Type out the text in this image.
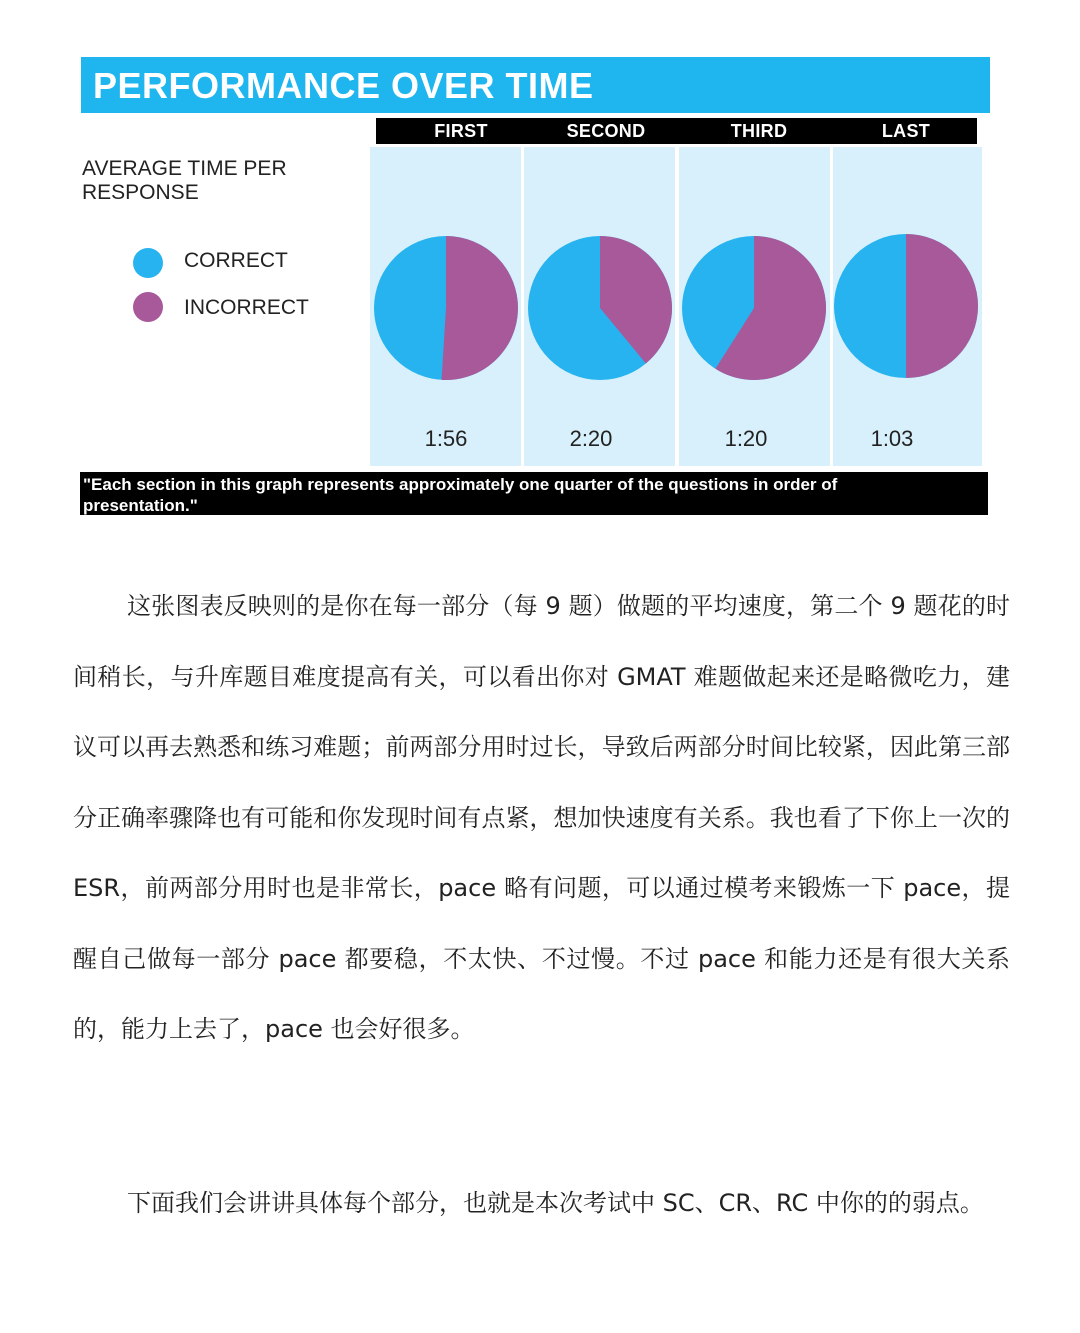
PERFORMANCE OVER TIME
FIRST	SECOND	THIRD	LAST
AVERAGE TIME PER RESPONSE
CORRECT
INCORRECT
1:56	2:20	1:20	1:03
"Each section in this graph represents approximately one quarter of the questions in order of presentation."

这张图表反映则的是你在每一部分（每 9 题）做题的平均速度，第二个 9 题花的时间稍长，与升库题目难度提高有关，可以看出你对 GMAT 难题做起来还是略微吃力，建议可以再去熟悉和练习难题；前两部分用时过长，导致后两部分时间比较紧，因此第三部分正确率骤降也有可能和你发现时间有点紧，想加快速度有关系。我也看了下你上一次的 ESR，前两部分用时也是非常长，pace 略有问题，可以通过模考来锻炼一下 pace，提醒自己做每一部分 pace 都要稳，不太快、不过慢。不过 pace 和能力还是有很大关系的，能力上去了，pace 也会好很多。

下面我们会讲讲具体每个部分，也就是本次考试中 SC、CR、RC 中你的的弱点。
